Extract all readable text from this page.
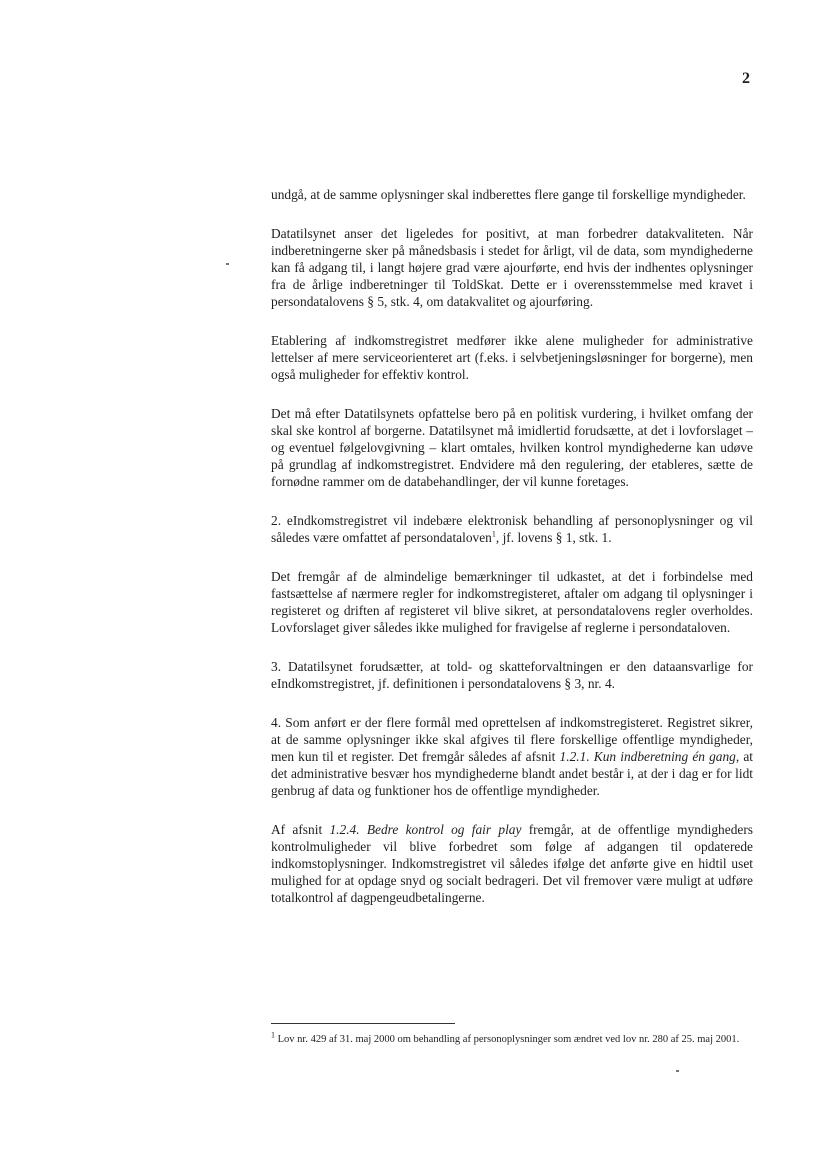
2

undgå, at de samme oplysninger skal indberettes flere gange til forskellige myndigheder.

Datatilsynet anser det ligeledes for positivt, at man forbedrer datakvaliteten. Når indberetningerne sker på månedsbasis i stedet for årligt, vil de data, som myndighederne kan få adgang til, i langt højere grad være ajourførte, end hvis der indhentes oplysninger fra de årlige indberetninger til ToldSkat. Dette er i overensstemmelse med kravet i persondatalovens § 5, stk. 4, om datakvalitet og ajourføring.

Etablering af indkomstregistret medfører ikke alene muligheder for administrative lettelser af mere serviceorienteret art (f.eks. i selvbetjeningsløsninger for borgerne), men også muligheder for effektiv kontrol.

Det må efter Datatilsynets opfattelse bero på en politisk vurdering, i hvilket omfang der skal ske kontrol af borgerne. Datatilsynet må imidlertid forudsætte, at det i lovforslaget – og eventuel følgelovgivning – klart omtales, hvilken kontrol myndighederne kan udøve på grundlag af indkomstregistret. Endvidere må den regulering, der etableres, sætte de fornødne rammer om de databehandlinger, der vil kunne foretages.

2. eIndkomstregistret vil indebære elektronisk behandling af personoplysninger og vil således være omfattet af persondataloven$^1$, jf. lovens § 1, stk. 1.

Det fremgår af de almindelige bemærkninger til udkastet, at det i forbindelse med fastsættelse af nærmere regler for indkomstregisteret, aftaler om adgang til oplysninger i registeret og driften af registeret vil blive sikret, at persondatalovens regler overholdes. Lovforslaget giver således ikke mulighed for fravigelse af reglerne i persondataloven.

3. Datatilsynet forudsætter, at told- og skatteforvaltningen er den dataansvarlige for eIndkomstregistret, jf. definitionen i persondatalovens § 3, nr. 4.

4. Som anført er der flere formål med oprettelsen af indkomstregisteret. Registret sikrer, at de samme oplysninger ikke skal afgives til flere forskellige offentlige myndigheder, men kun til et register. Det fremgår således af afsnit 1.2.1. Kun indberetning én gang, at det administrative besvær hos myndighederne blandt andet består i, at der i dag er for lidt genbrug af data og funktioner hos de offentlige myndigheder.

Af afsnit 1.2.4. Bedre kontrol og fair play fremgår, at de offentlige myndigheders kontrolmuligheder vil blive forbedret som følge af adgangen til opdaterede indkomstoplysninger. Indkomstregistret vil således ifølge det anførte give en hidtil uset mulighed for at opdage snyd og socialt bedrageri. Det vil fremover være muligt at udføre totalkontrol af dagpengeudbetalingerne.

$^1$ Lov nr. 429 af 31. maj 2000 om behandling af personoplysninger som ændret ved lov nr. 280 af 25. maj 2001.
